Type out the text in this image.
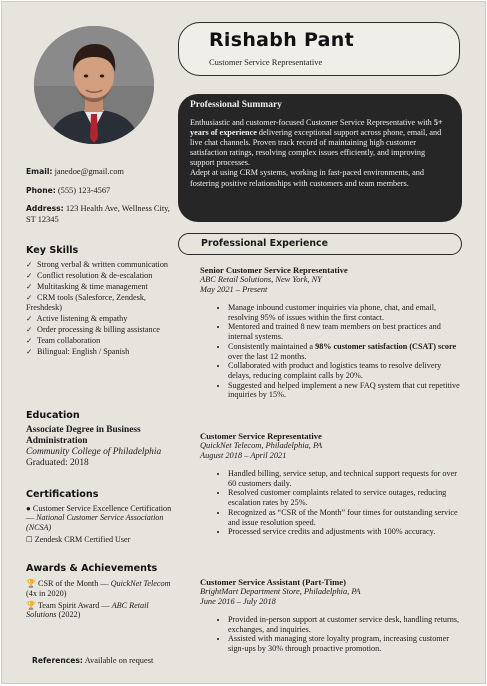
Rishabh Pant
Customer Service Representative
Professional Summary

Enthusiastic and customer-focused Customer Service Representative with 5+ years of experience delivering exceptional support across phone, email, and live chat channels. Proven track record of maintaining high customer satisfaction ratings, resolving complex issues efficiently, and improving support processes.
Adept at using CRM systems, working in fast-paced environments, and fostering positive relationships with customers and team members.

Email: janedoe@gmail.com
Phone: (555) 123-4567
Address: 123 Health Ave, Wellness City, ST 12345
Key Skills
✓ Strong verbal & written communication
✓ Conflict resolution & de-escalation
✓ Multitasking & time management
✓ CRM tools (Salesforce, Zendesk, Freshdesk)
✓ Active listening & empathy
✓ Order processing & billing assistance
✓ Team collaboration
✓ Bilingual: English / Spanish
Education
Associate Degree in Business Administration
Community College of Philadelphia
Graduated: 2018
Certifications
● Customer Service Excellence Certification — National Customer Service Association (NCSA)
☐ Zendesk CRM Certified User
Awards & Achievements
🏆 CSR of the Month — QuickNet Telecom (4x in 2020)
🏆 Team Spirit Award — ABC Retail Solutions (2022)
References: Available on request
Professional Experience
Senior Customer Service Representative
ABC Retail Solutions, New York, NY
May 2021 – Present
• Manage inbound customer inquiries via phone, chat, and email, resolving 95% of issues within the first contact.
• Mentored and trained 8 new team members on best practices and internal systems.
• Consistently maintained a 98% customer satisfaction (CSAT) score over the last 12 months.
• Collaborated with product and logistics teams to resolve delivery delays, reducing complaint calls by 20%.
• Suggested and helped implement a new FAQ system that cut repetitive inquiries by 15%.
Customer Service Representative
QuickNet Telecom, Philadelphia, PA
August 2018 – April 2021
• Handled billing, service setup, and technical support requests for over 60 customers daily.
• Resolved customer complaints related to service outages, reducing escalation rates by 25%.
• Recognized as “CSR of the Month” four times for outstanding service and issue resolution speed.
• Processed service credits and adjustments with 100% accuracy.
Customer Service Assistant (Part-Time)
BrightMart Department Store, Philadelphia, PA
June 2016 – July 2018
• Provided in-person support at customer service desk, handling returns, exchanges, and inquiries.
• Assisted with managing store loyalty program, increasing customer sign-ups by 30% through proactive promotion.
